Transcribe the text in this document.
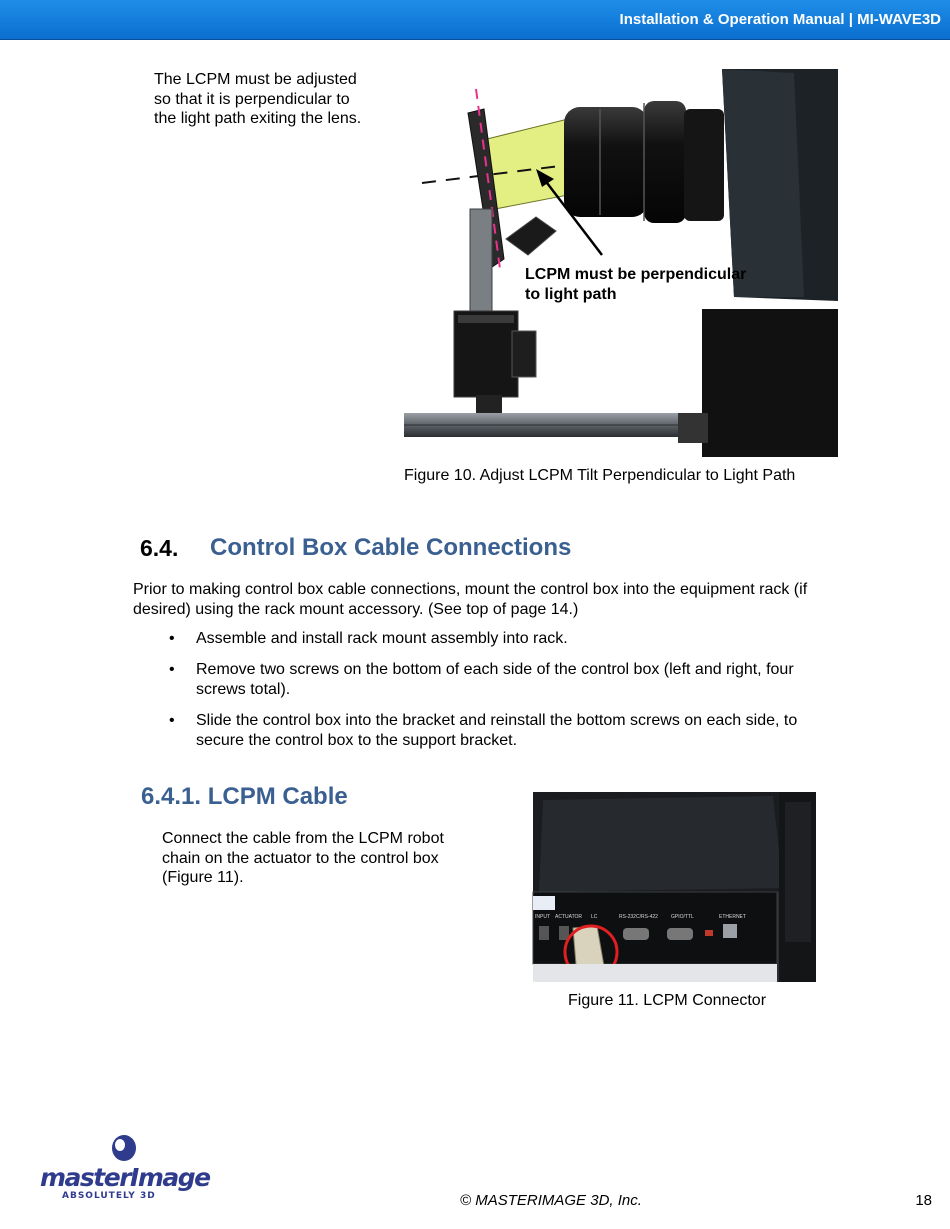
Installation & Operation Manual | MI-WAVE3D
The LCPM must be adjusted so that it is perpendicular to the light path exiting the lens.
LCPM must be perpendicular
to light path
Figure 10. Adjust LCPM Tilt Perpendicular to Light Path
6.4. Control Box Cable Connections
Prior to making control box cable connections, mount the control box into the equipment rack (if desired) using the rack mount accessory. (See top of page 14.)
• Assemble and install rack mount assembly into rack.
• Remove two screws on the bottom of each side of the control box (left and right, four screws total).
• Slide the control box into the bracket and reinstall the bottom screws on each side, to secure the control box to the support bracket.
6.4.1. LCPM Cable
Connect the cable from the LCPM robot chain on the actuator to the control box (Figure 11).
INPUT ACTUATOR LC	RS-232C/RS-422	GPIO/TTL	ETHERNET
Figure 11. LCPM Connector
masterImage
ABSOLUTELY 3D	© MASTERIMAGE 3D, Inc.	18
